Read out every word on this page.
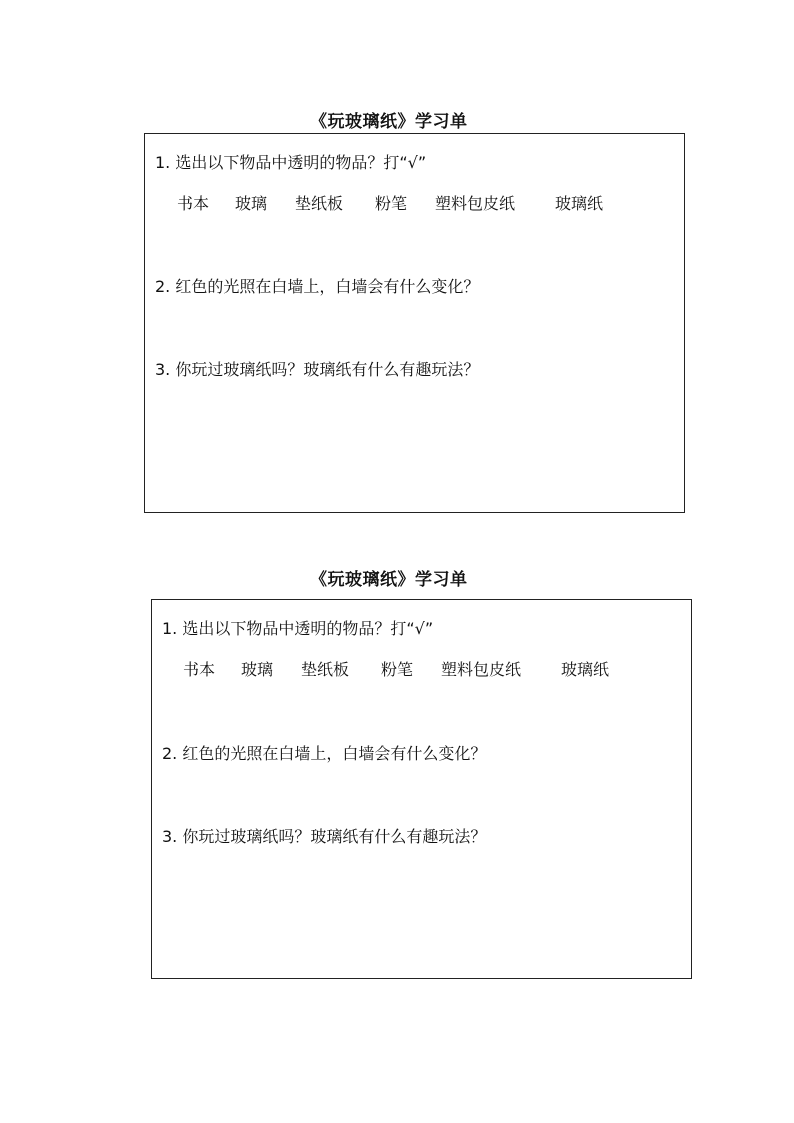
《玩玻璃纸》学习单
1. 选出以下物品中透明的物品？打“√”
书本	玻璃	垫纸板	粉笔	塑料包皮纸	玻璃纸
2. 红色的光照在白墙上，白墙会有什么变化？
3. 你玩过玻璃纸吗？玻璃纸有什么有趣玩法？
《玩玻璃纸》学习单
1. 选出以下物品中透明的物品？打“√”
书本	玻璃	垫纸板	粉笔	塑料包皮纸	玻璃纸
2. 红色的光照在白墙上，白墙会有什么变化？
3. 你玩过玻璃纸吗？玻璃纸有什么有趣玩法？
